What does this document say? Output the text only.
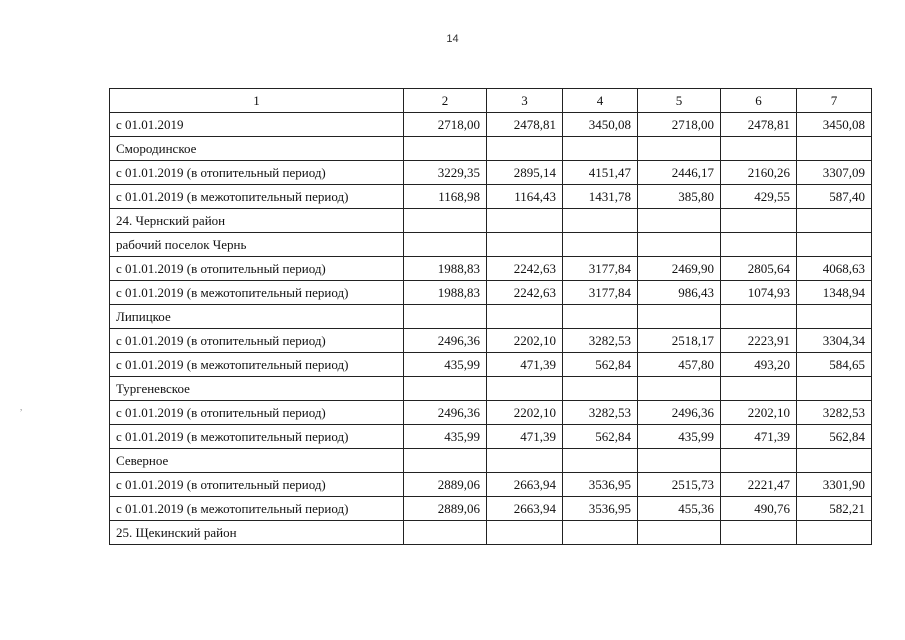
14
1	2	3	4	5	6	7
с 01.01.2019	2718,00	2478,81	3450,08	2718,00	2478,81	3450,08
Смородинское						
с 01.01.2019 (в отопительный период)	3229,35	2895,14	4151,47	2446,17	2160,26	3307,09
с 01.01.2019 (в межотопительный период)	1168,98	1164,43	1431,78	385,80	429,55	587,40
24. Чернский район						
рабочий поселок Чернь						
с 01.01.2019 (в отопительный период)	1988,83	2242,63	3177,84	2469,90	2805,64	4068,63
с 01.01.2019 (в межотопительный период)	1988,83	2242,63	3177,84	986,43	1074,93	1348,94
Липицкое						
с 01.01.2019 (в отопительный период)	2496,36	2202,10	3282,53	2518,17	2223,91	3304,34
с 01.01.2019 (в межотопительный период)	435,99	471,39	562,84	457,80	493,20	584,65
Тургеневское						
с 01.01.2019 (в отопительный период)	2496,36	2202,10	3282,53	2496,36	2202,10	3282,53
с 01.01.2019 (в межотопительный период)	435,99	471,39	562,84	435,99	471,39	562,84
Северное						
с 01.01.2019 (в отопительный период)	2889,06	2663,94	3536,95	2515,73	2221,47	3301,90
с 01.01.2019 (в межотопительный период)	2889,06	2663,94	3536,95	455,36	490,76	582,21
25. Щекинский район						
,
